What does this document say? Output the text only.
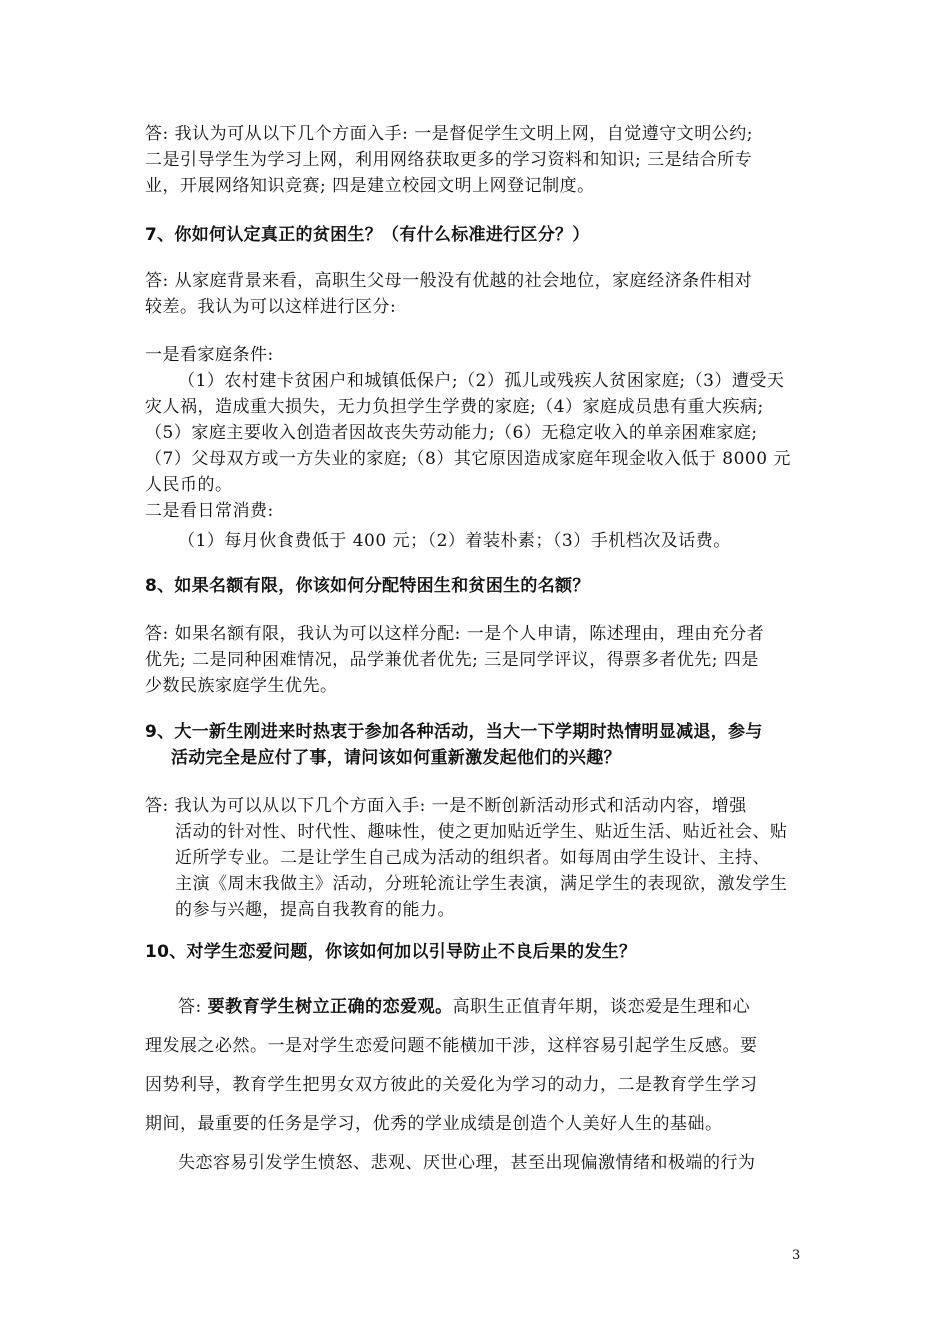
答: 我认为可从以下几个方面入手: 一是督促学生文明上网，自觉遵守文明公约;
二是引导学生为学习上网，利用网络获取更多的学习资料和知识; 三是结合所专
业，开展网络知识竞赛; 四是建立校园文明上网登记制度。
7、你如何认定真正的贫困生？（有什么标准进行区分？）
答: 从家庭背景来看，高职生父母一般没有优越的社会地位，家庭经济条件相对
较差。我认为可以这样进行区分:
一是看家庭条件:
（1）农村建卡贫困户和城镇低保户;（2）孤儿或残疾人贫困家庭;（3）遭受天
灾人祸，造成重大损失，无力负担学生学费的家庭;（4）家庭成员患有重大疾病;
（5）家庭主要收入创造者因故丧失劳动能力;（6）无稳定收入的单亲困难家庭;
（7）父母双方或一方失业的家庭;（8）其它原因造成家庭年现金收入低于 8000 元
人民币的。
二是看日常消费:
（1）每月伙食费低于 400 元；（2）着装朴素；（3）手机档次及话费。
8、如果名额有限，你该如何分配特困生和贫困生的名额？
答: 如果名额有限，我认为可以这样分配: 一是个人申请，陈述理由，理由充分者
优先; 二是同种困难情况，品学兼优者优先; 三是同学评议，得票多者优先; 四是
少数民族家庭学生优先。
9、大一新生刚进来时热衷于参加各种活动，当大一下学期时热情明显减退，参与
活动完全是应付了事，请问该如何重新激发起他们的兴趣？
答: 我认为可以从以下几个方面入手: 一是不断创新活动形式和活动内容，增强
活动的针对性、时代性、趣味性，使之更加贴近学生、贴近生活、贴近社会、贴
近所学专业。二是让学生自己成为活动的组织者。如每周由学生设计、主持、
主演《周末我做主》活动，分班轮流让学生表演，满足学生的表现欲，激发学生
的参与兴趣，提高自我教育的能力。
10、对学生恋爱问题，你该如何加以引导防止不良后果的发生？
答: 要教育学生树立正确的恋爱观。高职生正值青年期，谈恋爱是生理和心
理发展之必然。一是对学生恋爱问题不能横加干涉，这样容易引起学生反感。要
因势利导，教育学生把男女双方彼此的关爱化为学习的动力，二是教育学生学习
期间，最重要的任务是学习，优秀的学业成绩是创造个人美好人生的基础。
失恋容易引发学生愤怒、悲观、厌世心理，甚至出现偏激情绪和极端的行为
3
